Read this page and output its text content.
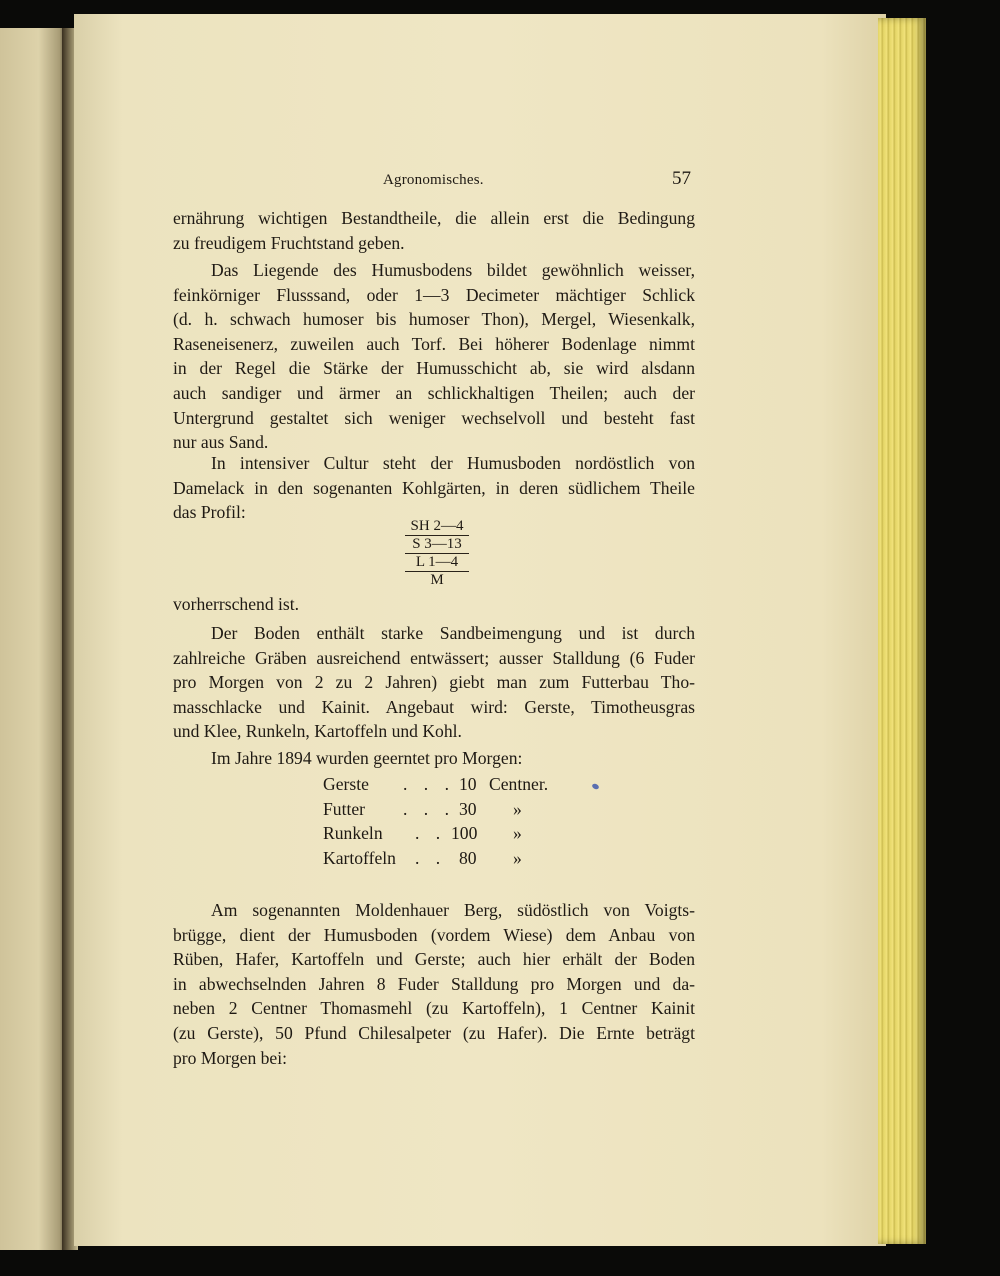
Agronomisches.	57
ernährung wichtigen Bestandtheile, die allein erst die Bedingung
zu freudigem Fruchtstand geben.
Das Liegende des Humusbodens bildet gewöhnlich weisser,
feinkörniger Flusssand, oder 1—3 Decimeter mächtiger Schlick
(d. h. schwach humoser bis humoser Thon), Mergel, Wiesenkalk,
Raseneisenerz, zuweilen auch Torf. Bei höherer Bodenlage nimmt
in der Regel die Stärke der Humusschicht ab, sie wird alsdann
auch sandiger und ärmer an schlickhaltigen Theilen; auch der
Untergrund gestaltet sich weniger wechselvoll und besteht fast
nur aus Sand.
In intensiver Cultur steht der Humusboden nordöstlich von
Damelack in den sogenanten Kohlgärten, in deren südlichem Theile
das Profil:
SH 2—4
S 3—13
L 1—4
M
vorherrschend ist.
Der Boden enthält starke Sandbeimengung und ist durch
zahlreiche Gräben ausreichend entwässert; ausser Stalldung (6 Fuder
pro Morgen von 2 zu 2 Jahren) giebt man zum Futterbau Tho-
masschlacke und Kainit. Angebaut wird: Gerste, Timotheusgras
und Klee, Runkeln, Kartoffeln und Kohl.
Im Jahre 1894 wurden geerntet pro Morgen:
Gerste . . . 10 Centner.
Futter . . . 30 »
Runkeln . . 100 »
Kartoffeln . . 80 »
Am sogenannten Moldenhauer Berg, südöstlich von Voigts-
brügge, dient der Humusboden (vordem Wiese) dem Anbau von
Rüben, Hafer, Kartoffeln und Gerste; auch hier erhält der Boden
in abwechselnden Jahren 8 Fuder Stalldung pro Morgen und da-
neben 2 Centner Thomasmehl (zu Kartoffeln), 1 Centner Kainit
(zu Gerste), 50 Pfund Chilesalpeter (zu Hafer). Die Ernte beträgt
pro Morgen bei:
